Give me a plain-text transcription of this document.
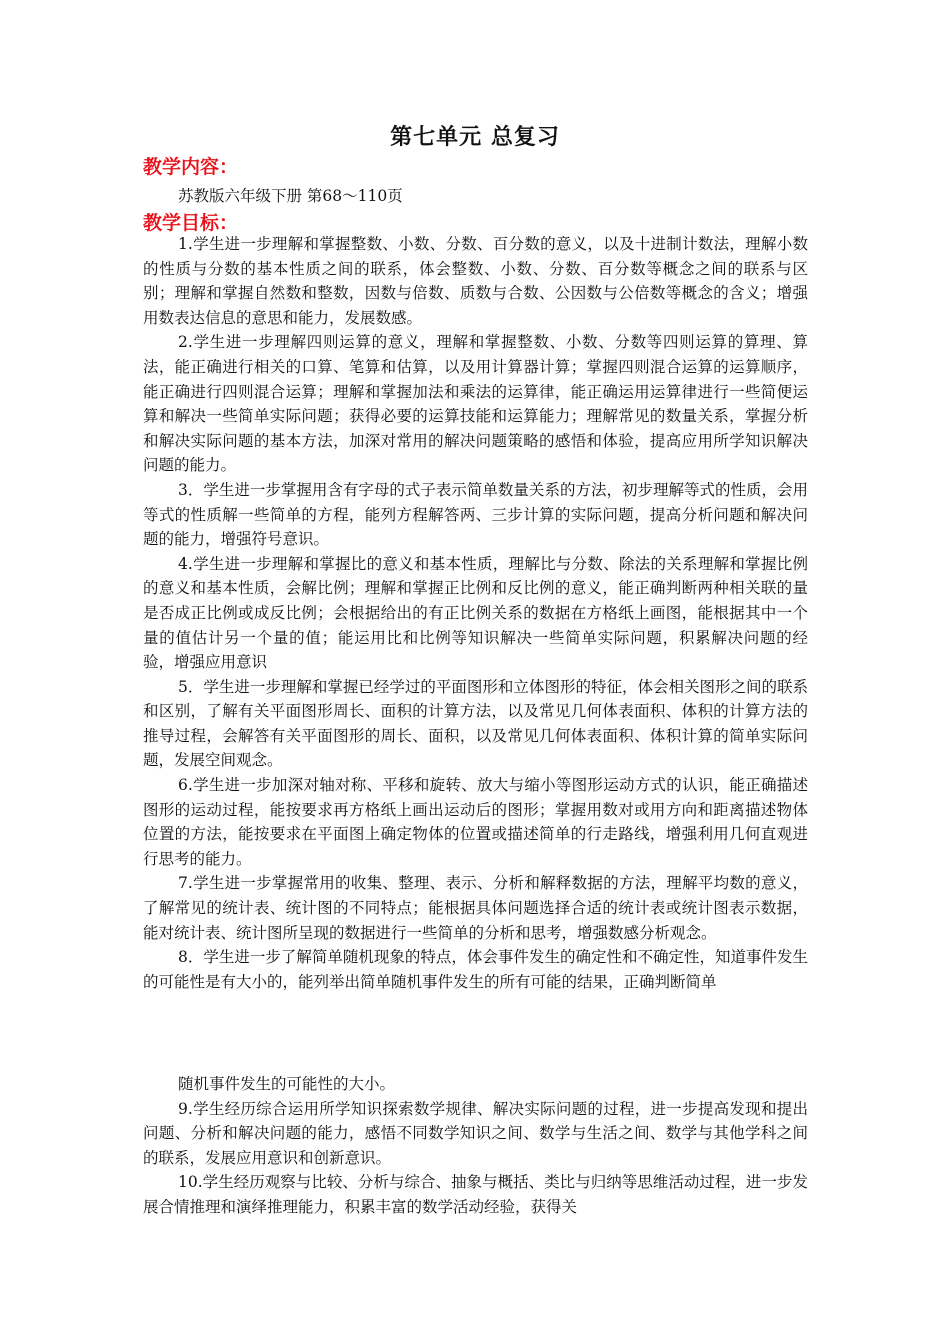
第七单元 总复习
教学内容：
苏教版六年级下册 第68～110页
教学目标：

1.学生进一步理解和掌握整数、小数、分数、百分数的意义，以及十进制计数法，理解小数的性质与分数的基本性质之间的联系，体会整数、小数、分数、百分数等概念之间的联系与区别；理解和掌握自然数和整数，因数与倍数、质数与合数、公因数与公倍数等概念的含义；增强用数表达信息的意思和能力，发展数感。

2.学生进一步理解四则运算的意义，理解和掌握整数、小数、分数等四则运算的算理、算法，能正确进行相关的口算、笔算和估算，以及用计算器计算；掌握四则混合运算的运算顺序，能正确进行四则混合运算；理解和掌握加法和乘法的运算律，能正确运用运算律进行一些简便运算和解决一些简单实际问题；获得必要的运算技能和运算能力；理解常见的数量关系，掌握分析和解决实际问题的基本方法，加深对常用的解决问题策略的感悟和体验，提高应用所学知识解决问题的能力。

3．学生进一步掌握用含有字母的式子表示简单数量关系的方法，初步理解等式的性质，会用等式的性质解一些简单的方程，能列方程解答两、三步计算的实际问题，提高分析问题和解决问题的能力，增强符号意识。

4.学生进一步理解和掌握比的意义和基本性质，理解比与分数、除法的关系理解和掌握比例的意义和基本性质，会解比例；理解和掌握正比例和反比例的意义，能正确判断两种相关联的量是否成正比例或成反比例；会根据给出的有正比例关系的数据在方格纸上画图，能根据其中一个量的值估计另一个量的值；能运用比和比例等知识解决一些简单实际问题，积累解决问题的经验，增强应用意识

5．学生进一步理解和掌握已经学过的平面图形和立体图形的特征，体会相关图形之间的联系和区别，了解有关平面图形周长、面积的计算方法，以及常见几何体表面积、体积的计算方法的推导过程，会解答有关平面图形的周长、面积，以及常见几何体表面积、体积计算的简单实际问题，发展空间观念。

6.学生进一步加深对轴对称、平移和旋转、放大与缩小等图形运动方式的认识，能正确描述图形的运动过程，能按要求再方格纸上画出运动后的图形；掌握用数对或用方向和距离描述物体位置的方法，能按要求在平面图上确定物体的位置或描述简单的行走路线，增强利用几何直观进行思考的能力。

7.学生进一步掌握常用的收集、整理、表示、分析和解释数据的方法，理解平均数的意义，了解常见的统计表、统计图的不同特点；能根据具体问题选择合适的统计表或统计图表示数据，能对统计表、统计图所呈现的数据进行一些简单的分析和思考，增强数感分析观念。

8．学生进一步了解简单随机现象的特点，体会事件发生的确定性和不确定性，知道事件发生的可能性是有大小的，能列举出简单随机事件发生的所有可能的结果，正确判断简单

随机事件发生的可能性的大小。

9.学生经历综合运用所学知识探索数学规律、解决实际问题的过程，进一步提高发现和提出问题、分析和解决问题的能力，感悟不同数学知识之间、数学与生活之间、数学与其他学科之间的联系，发展应用意识和创新意识。

10.学生经历观察与比较、分析与综合、抽象与概括、类比与归纳等思维活动过程，进一步发展合情推理和演绎推理能力，积累丰富的数学活动经验，获得关
